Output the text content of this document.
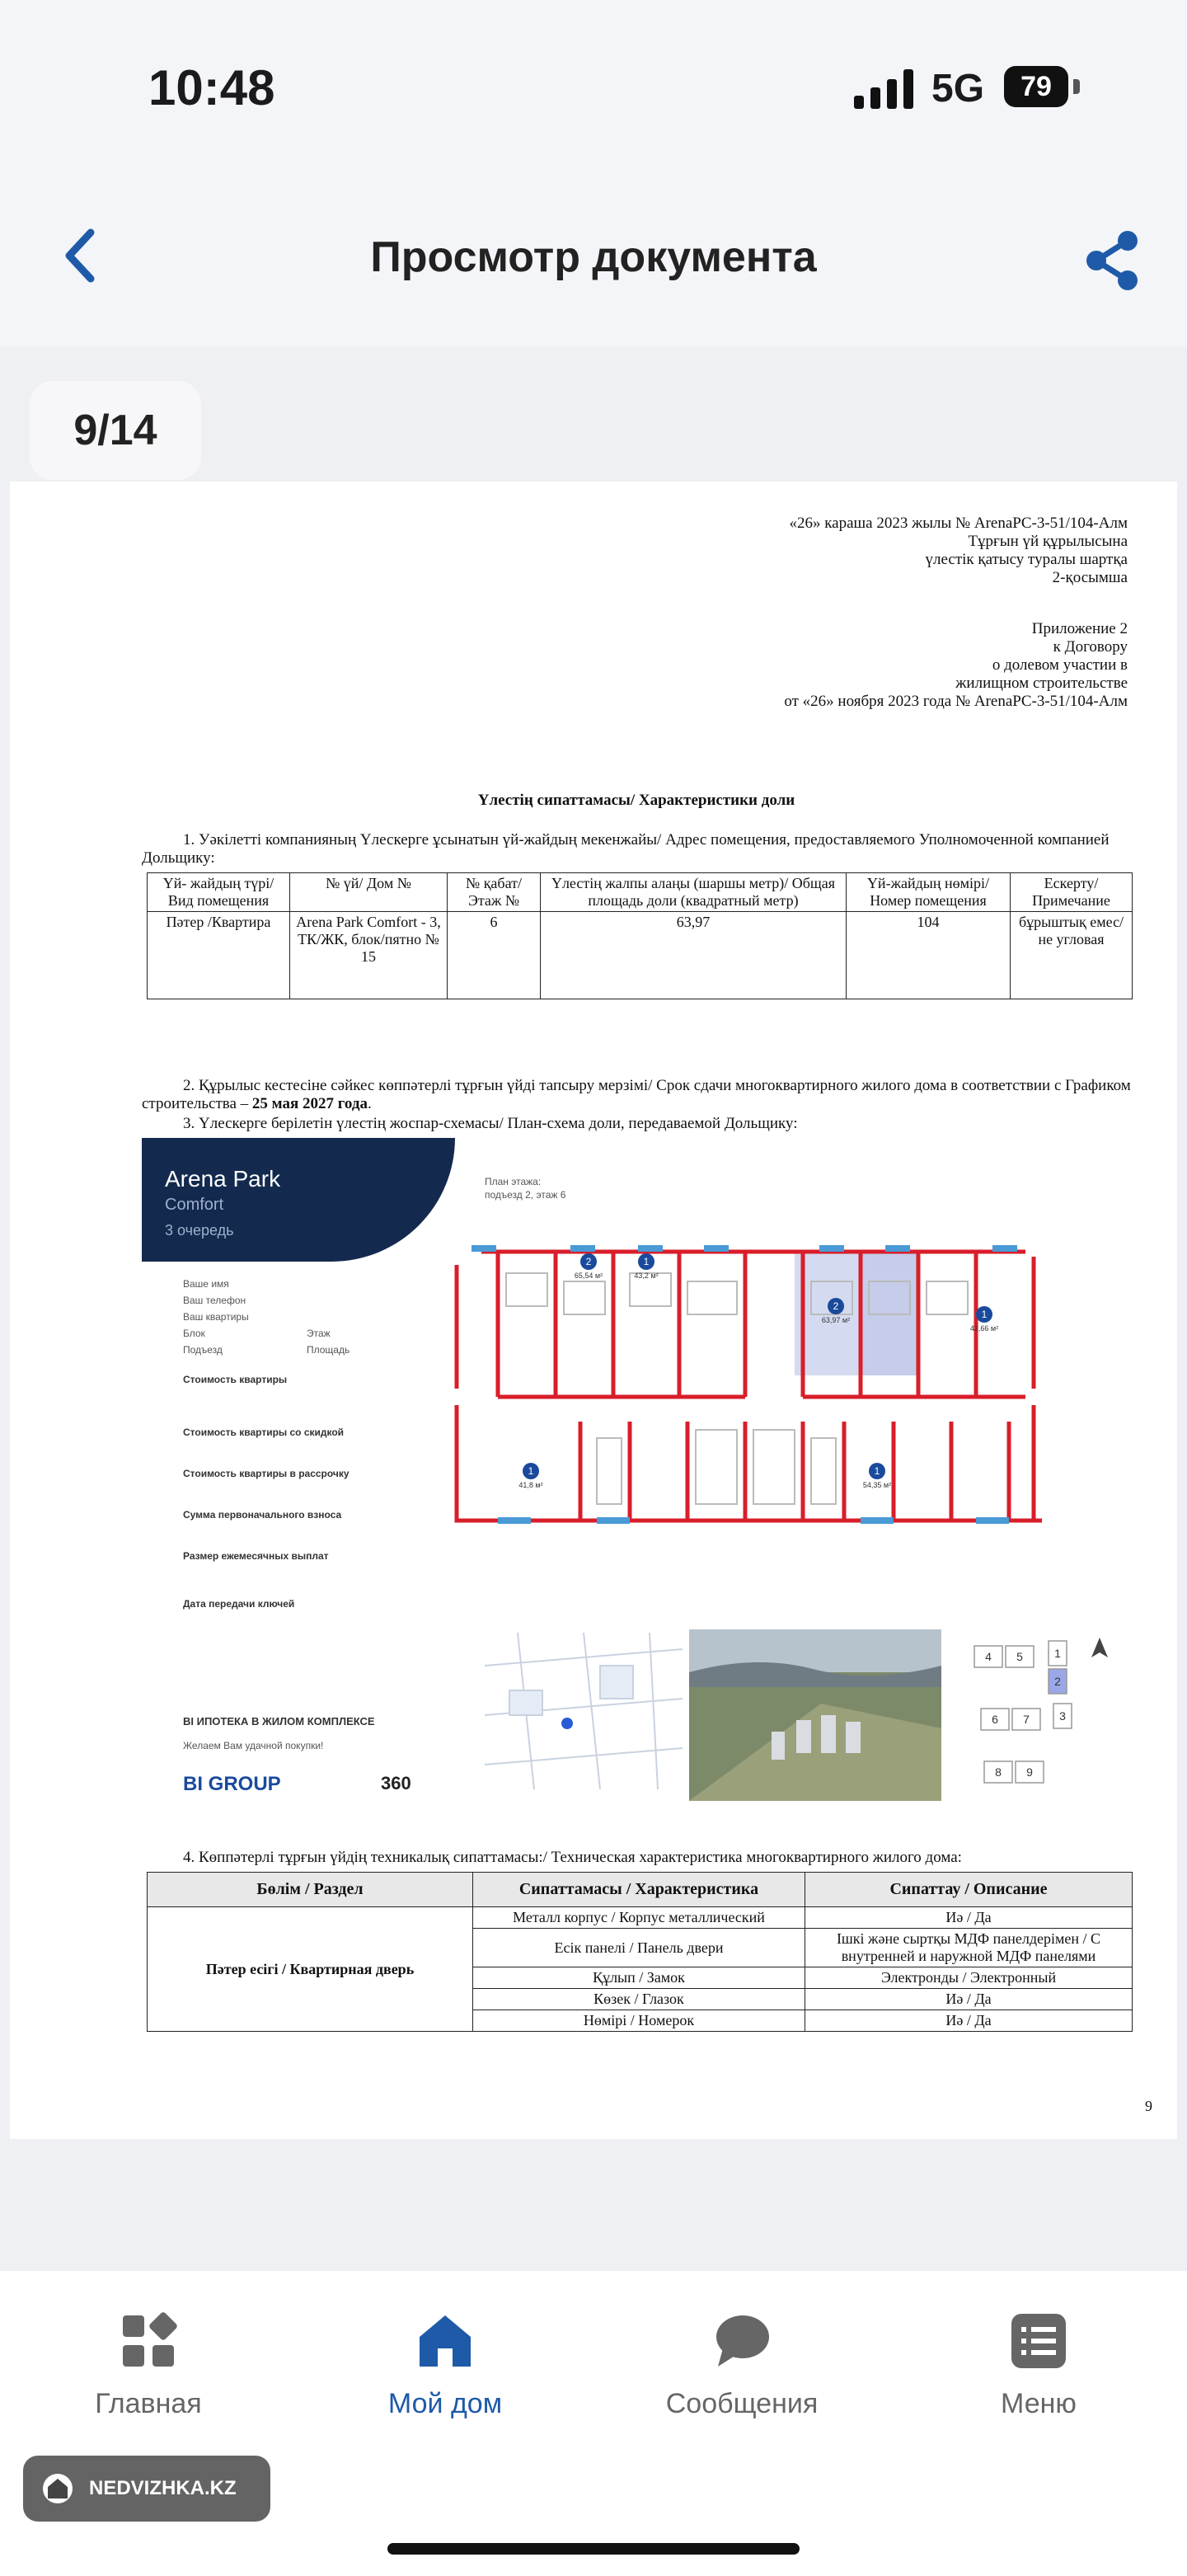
10:48	5G	79
Просмотр документа
9/14
«26» караша 2023 жылы № ArenaPC-3-51/104-Алм
Тұрғын үй құрылысына
үлестік қатысу туралы шартқа
2-қосымша
Приложение 2
к Договору
о долевом участии в
жилищном строительстве
от «26» ноября 2023 года № ArenaPC-3-51/104-Алм
Үлестің сипаттамасы/ Характеристики доли
1. Уәкілетті компанияның Үлескерге ұсынатын үй-жайдың мекенжайы/ Адрес помещения, предоставляемого Уполномоченной компанией Дольщику:
Үй- жайдың түрі/ Вид помещения	№ үй/ Дом №	№ қабат/ Этаж №	Үлестің жалпы алаңы (шаршы метр)/ Общая площадь доли (квадратный метр)	Үй-жайдың нөмірі/ Номер помещения	Ескерту/ Примечание
Пәтер /Квартира	Arena Park Comfort - 3, ТК/ЖК, блок/пятно № 15	6	63,97	104	бұрыштық емес/ не угловая
2. Құрылыс кестесіне сәйкес көппәтерлі тұрғын үйді тапсыру мерзімі/ Срок сдачи многоквартирного жилого дома в соответствии с Графиком строительства – 25 мая 2027 года.
3. Үлескерге берілетін үлестің жоспар-схемасы/ План-схема доли, передаваемой Дольщику:
Arena Park
Comfort
3 очередь
Ваше имя
Ваш телефон
Ваш квартиры
Блок	Этаж
Подъезд	Площадь
Стоимость квартиры
Стоимость квартиры со скидкой
Стоимость квартиры в рассрочку
Сумма первоначального взноса
Размер ежемесячных выплат
Дата передачи ключей
BI ИПОТЕКА В ЖИЛОМ КОМПЛЕКСЕ
Желаем Вам удачной покупки!
BI GROUP	360
План этажа:
подъезд 2, этаж 6
2	1
2
1
1	1
65,54 м²	43,2 м²
63,97 м²
42,66 м²
41,8 м²	54,35 м²
4 5	1
2
3
6 7
8 9
4. Көппәтерлі тұрғын үйдің техникалық сипаттамасы:/ Техническая характеристика многоквартирного жилого дома:
Бөлім / Раздел	Сипаттамасы / Характеристика	Сипаттау / Описание
Пәтер есігі / Квартирная дверь	Металл корпус / Корпус металлический	Иә / Да
	Есік панелі / Панель двери	Ішкі және сыртқы МДФ панелдерімен / С внутренней и наружной МДФ панелями
	Құлып / Замок	Электронды / Электронный
	Көзек / Глазок	Иә / Да
	Нөмірі / Номерок	Иә / Да
9
Главная	Мой дом	Сообщения	Меню
NEDVIZHKA.KZ
